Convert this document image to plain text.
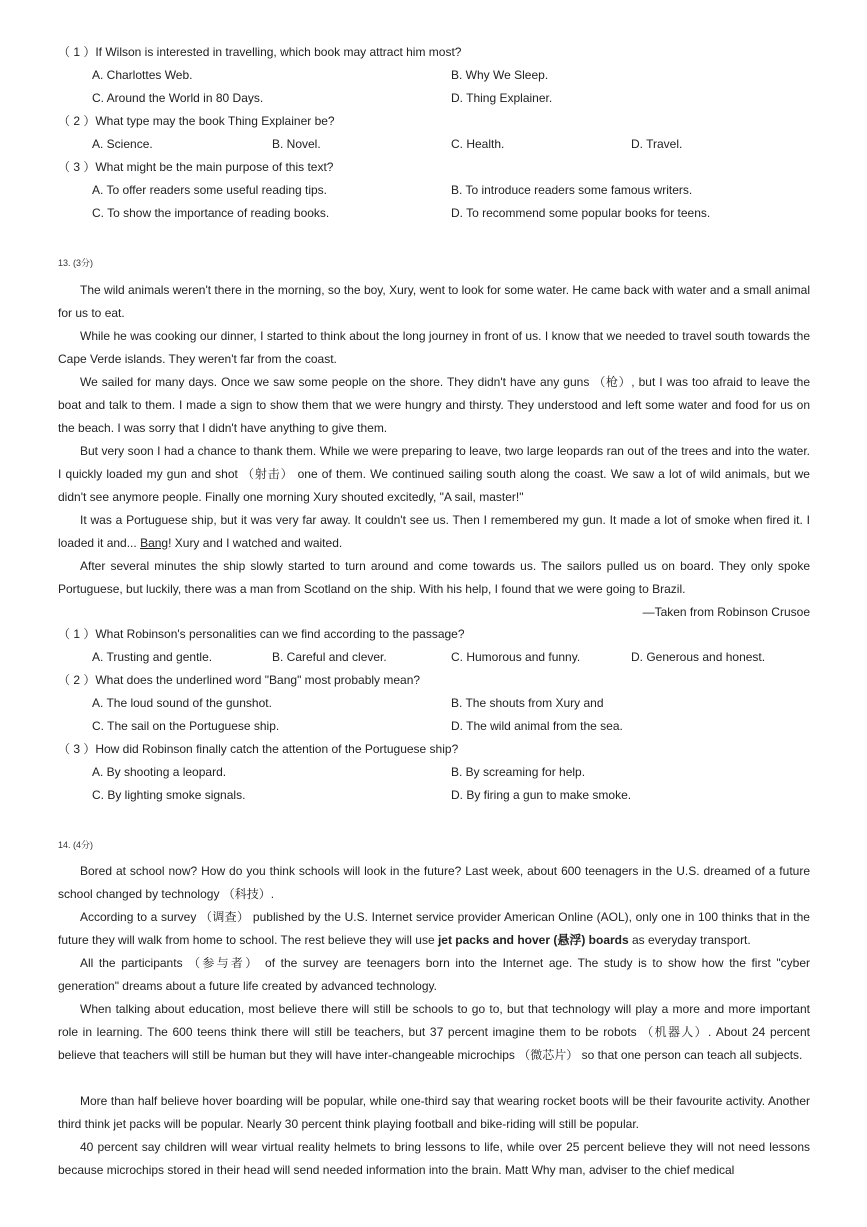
（ 1 ）If Wilson is interested in travelling, which book may attract him most?
A. Charlottes Web.	B. Why We Sleep.
C. Around the World in 80 Days.	D. Thing Explainer.
（ 2 ）What type may the book Thing Explainer be?
A. Science.	B. Novel.	C. Health.	D. Travel.
（ 3 ）What might be the main purpose of this text?
A. To offer readers some useful reading tips.	B. To introduce readers some famous writers.
C. To show the importance of reading books.	D. To recommend some popular books for teens.
13. (3分)
The wild animals weren't there in the morning, so the boy, Xury, went to look for some water. He came back with water and a small animal for us to eat.
While he was cooking our dinner, I started to think about the long journey in front of us. I know that we needed to travel south towards the Cape Verde islands. They weren't far from the coast.
We sailed for many days. Once we saw some people on the shore. They didn't have any guns （枪）, but I was too afraid to leave the boat and talk to them. I made a sign to show them that we were hungry and thirsty. They understood and left some water and food for us on the beach. I was sorry that I didn't have anything to give them.
But very soon I had a chance to thank them. While we were preparing to leave, two large leopards ran out of the trees and into the water. I quickly loaded my gun and shot （射击） one of them. We continued sailing south along the coast. We saw a lot of wild animals, but we didn't see anymore people. Finally one morning Xury shouted excitedly, "A sail, master!"
It was a Portuguese ship, but it was very far away. It couldn't see us. Then I remembered my gun. It made a lot of smoke when fired it. I loaded it and... Bang! Xury and I watched and waited.
After several minutes the ship slowly started to turn around and come towards us. The sailors pulled us on board. They only spoke Portuguese, but luckily, there was a man from Scotland on the ship. With his help, I found that we were going to Brazil.
—Taken from Robinson Crusoe
（ 1 ）What Robinson's personalities can we find according to the passage?
A. Trusting and gentle.	B. Careful and clever.	C. Humorous and funny.	D. Generous and honest.
（ 2 ）What does the underlined word "Bang" most probably mean?
A. The loud sound of the gunshot.	B. The shouts from Xury and
C. The sail on the Portuguese ship.	D. The wild animal from the sea.
（ 3 ）How did Robinson finally catch the attention of the Portuguese ship?
A. By shooting a leopard.	B. By screaming for help.
C. By lighting smoke signals.	D. By firing a gun to make smoke.
14. (4分)
Bored at school now? How do you think schools will look in the future? Last week, about 600 teenagers in the U.S. dreamed of a future school changed by technology （科技）.
According to a survey （调查） published by the U.S. Internet service provider American Online (AOL), only one in 100 thinks that in the future they will walk from home to school. The rest believe they will use jet packs and hover (悬浮) boards as everyday transport.
All the participants （参与者） of the survey are teenagers born into the Internet age. The study is to show how the first "cyber generation" dreams about a future life created by advanced technology.
When talking about education, most believe there will still be schools to go to, but that technology will play a more and more important role in learning. The 600 teens think there will still be teachers, but 37 percent imagine them to be robots （机器人）. About 24 percent believe that teachers will still be human but they will have inter-changeable microchips （微芯片） so that one person can teach all subjects.
More than half believe hover boarding will be popular, while one-third say that wearing rocket boots will be their favourite activity. Another third think jet packs will be popular. Nearly 30 percent think playing football and bike-riding will still be popular.
40 percent say children will wear virtual reality helmets to bring lessons to life, while over 25 percent believe they will not need lessons because microchips stored in their head will send needed information into the brain. Matt Why man, adviser to the chief medical
